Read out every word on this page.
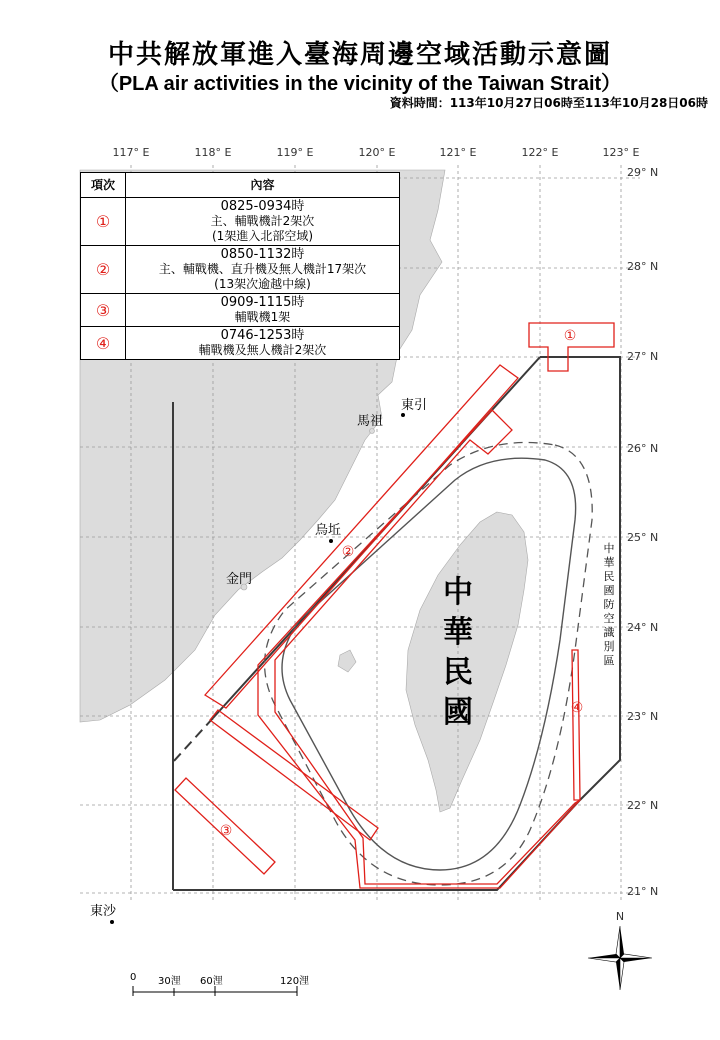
中共解放軍進入臺海周邊空域活動示意圖
（PLA air activities in the vicinity of the Taiwan Strait）
資料時間：113年10月27日06時至113年10月28日06時
117° E	118° E	119° E	120° E	121° E	122° E	123° E
29° N
28° N
27° N
26° N
25° N
24° N
23° N
22° N
21° N
①
②
③
④
馬祖
東引
烏坵
金門
東沙
中
華
民
國
中
華
民
國
防
空
識
別
區
N
項次	內容
①	0825-0934時
主、輔戰機計2架次
(1架進入北部空域)

②	0850-1132時
主、輔戰機、直升機及無人機計17架次
(13架次逾越中線)

③	0909-1115時
輔戰機1架

④	0746-1253時
輔戰機及無人機計2架次
0 30浬 60浬	120浬
